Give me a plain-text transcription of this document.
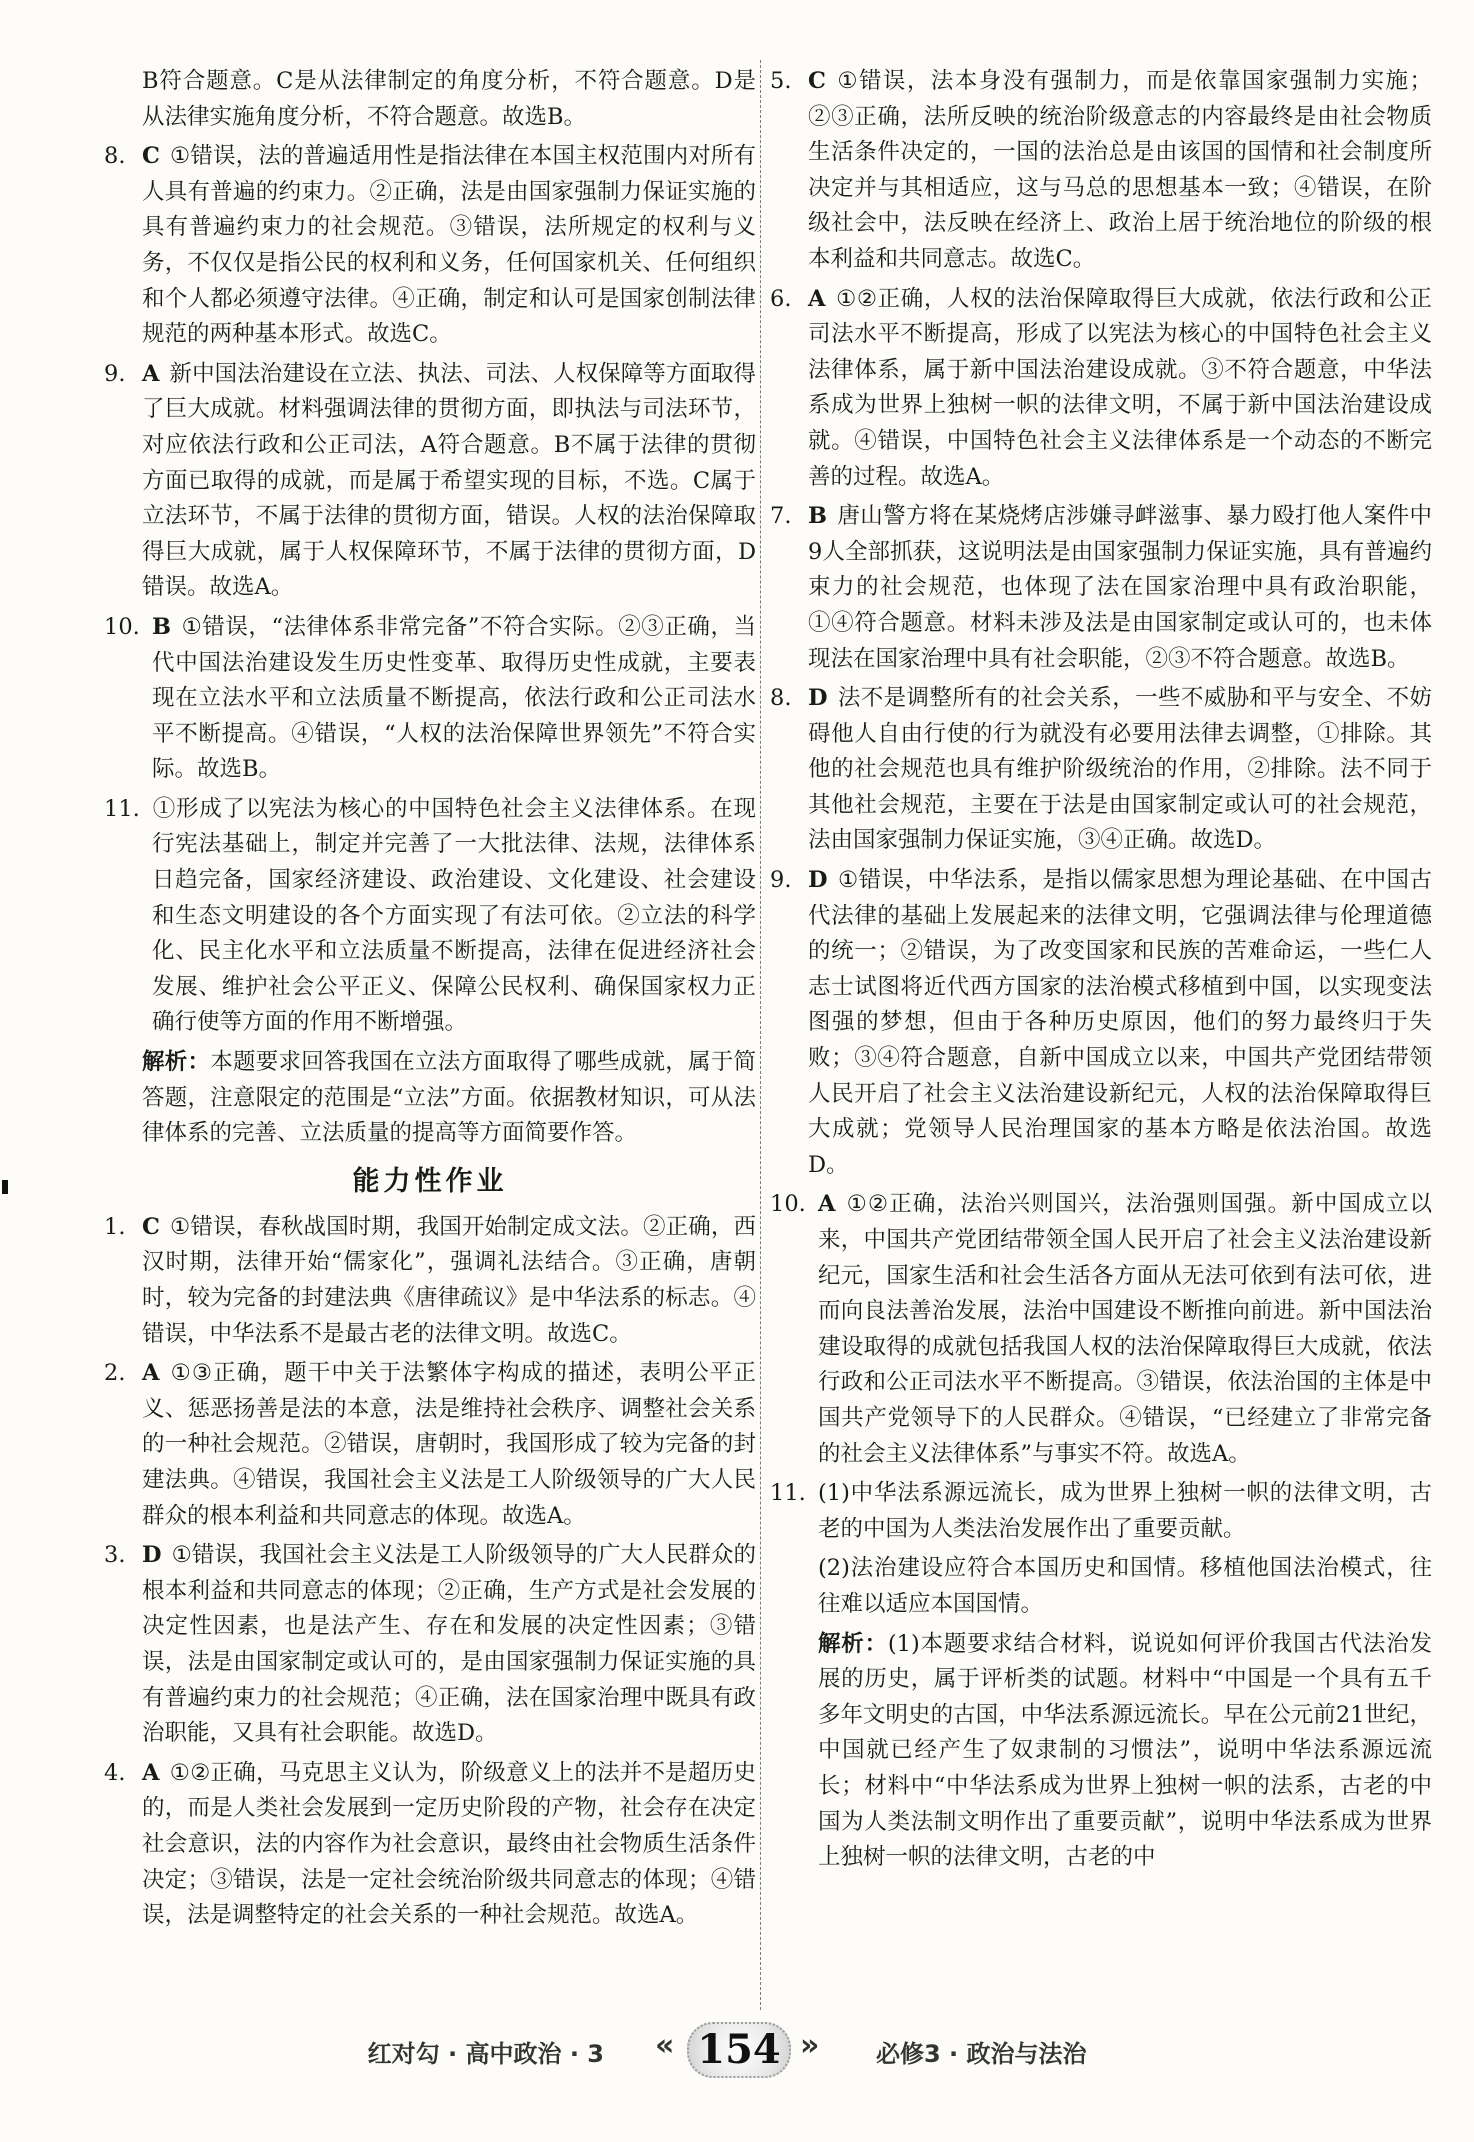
B符合题意。C是从法律制定的角度分析，不符合题意。D是从法律实施角度分析，不符合题意。故选B。

8. C ①错误，法的普遍适用性是指法律在本国主权范围内对所有人具有普遍的约束力。②正确，法是由国家强制力保证实施的具有普遍约束力的社会规范。③错误，法所规定的权利与义务，不仅仅是指公民的权利和义务，任何国家机关、任何组织和个人都必须遵守法律。④正确，制定和认可是国家创制法律规范的两种基本形式。故选C。

9. A 新中国法治建设在立法、执法、司法、人权保障等方面取得了巨大成就。材料强调法律的贯彻方面，即执法与司法环节，对应依法行政和公正司法，A符合题意。B不属于法律的贯彻方面已取得的成就，而是属于希望实现的目标，不选。C属于立法环节，不属于法律的贯彻方面，错误。人权的法治保障取得巨大成就，属于人权保障环节，不属于法律的贯彻方面，D错误。故选A。

10. B ①错误，“法律体系非常完备”不符合实际。②③正确，当代中国法治建设发生历史性变革、取得历史性成就，主要表现在立法水平和立法质量不断提高，依法行政和公正司法水平不断提高。④错误，“人权的法治保障世界领先”不符合实际。故选B。

11. ①形成了以宪法为核心的中国特色社会主义法律体系。在现行宪法基础上，制定并完善了一大批法律、法规，法律体系日趋完备，国家经济建设、政治建设、文化建设、社会建设和生态文明建设的各个方面实现了有法可依。②立法的科学化、民主化水平和立法质量不断提高，法律在促进经济社会发展、维护社会公平正义、保障公民权利、确保国家权力正确行使等方面的作用不断增强。

解析：本题要求回答我国在立法方面取得了哪些成就，属于简答题，注意限定的范围是“立法”方面。依据教材知识，可从法律体系的完善、立法质量的提高等方面简要作答。

能力性作业

1. C ①错误，春秋战国时期，我国开始制定成文法。②正确，西汉时期，法律开始“儒家化”，强调礼法结合。③正确，唐朝时，较为完备的封建法典《唐律疏议》是中华法系的标志。④错误，中华法系不是最古老的法律文明。故选C。

2. A ①③正确，题干中关于法繁体字构成的描述，表明公平正义、惩恶扬善是法的本意，法是维持社会秩序、调整社会关系的一种社会规范。②错误，唐朝时，我国形成了较为完备的封建法典。④错误，我国社会主义法是工人阶级领导的广大人民群众的根本利益和共同意志的体现。故选A。

3. D ①错误，我国社会主义法是工人阶级领导的广大人民群众的根本利益和共同意志的体现；②正确，生产方式是社会发展的决定性因素，也是法产生、存在和发展的决定性因素；③错误，法是由国家制定或认可的，是由国家强制力保证实施的具有普遍约束力的社会规范；④正确，法在国家治理中既具有政治职能，又具有社会职能。故选D。

4. A ①②正确，马克思主义认为，阶级意义上的法并不是超历史的，而是人类社会发展到一定历史阶段的产物，社会存在决定社会意识，法的内容作为社会意识，最终由社会物质生活条件决定；③错误，法是一定社会统治阶级共同意志的体现；④错误，法是调整特定的社会关系的一种社会规范。故选A。

5. C ①错误，法本身没有强制力，而是依靠国家强制力实施；②③正确，法所反映的统治阶级意志的内容最终是由社会物质生活条件决定的，一国的法治总是由该国的国情和社会制度所决定并与其相适应，这与马总的思想基本一致；④错误，在阶级社会中，法反映在经济上、政治上居于统治地位的阶级的根本利益和共同意志。故选C。

6. A ①②正确，人权的法治保障取得巨大成就，依法行政和公正司法水平不断提高，形成了以宪法为核心的中国特色社会主义法律体系，属于新中国法治建设成就。③不符合题意，中华法系成为世界上独树一帜的法律文明，不属于新中国法治建设成就。④错误，中国特色社会主义法律体系是一个动态的不断完善的过程。故选A。

7. B 唐山警方将在某烧烤店涉嫌寻衅滋事、暴力殴打他人案件中9人全部抓获，这说明法是由国家强制力保证实施，具有普遍约束力的社会规范，也体现了法在国家治理中具有政治职能，①④符合题意。材料未涉及法是由国家制定或认可的，也未体现法在国家治理中具有社会职能，②③不符合题意。故选B。

8. D 法不是调整所有的社会关系，一些不威胁和平与安全、不妨碍他人自由行使的行为就没有必要用法律去调整，①排除。其他的社会规范也具有维护阶级统治的作用，②排除。法不同于其他社会规范，主要在于法是由国家制定或认可的社会规范，法由国家强制力保证实施，③④正确。故选D。

9. D ①错误，中华法系，是指以儒家思想为理论基础、在中国古代法律的基础上发展起来的法律文明，它强调法律与伦理道德的统一；②错误，为了改变国家和民族的苦难命运，一些仁人志士试图将近代西方国家的法治模式移植到中国，以实现变法图强的梦想，但由于各种历史原因，他们的努力最终归于失败；③④符合题意，自新中国成立以来，中国共产党团结带领人民开启了社会主义法治建设新纪元，人权的法治保障取得巨大成就；党领导人民治理国家的基本方略是依法治国。故选D。

10. A ①②正确，法治兴则国兴，法治强则国强。新中国成立以来，中国共产党团结带领全国人民开启了社会主义法治建设新纪元，国家生活和社会生活各方面从无法可依到有法可依，进而向良法善治发展，法治中国建设不断推向前进。新中国法治建设取得的成就包括我国人权的法治保障取得巨大成就，依法行政和公正司法水平不断提高。③错误，依法治国的主体是中国共产党领导下的人民群众。④错误，“已经建立了非常完备的社会主义法律体系”与事实不符。故选A。

11. (1)中华法系源远流长，成为世界上独树一帜的法律文明，古老的中国为人类法治发展作出了重要贡献。

(2)法治建设应符合本国历史和国情。移植他国法治模式，往往难以适应本国国情。

解析：(1)本题要求结合材料，说说如何评价我国古代法治发展的历史，属于评析类的试题。材料中“中国是一个具有五千多年文明史的古国，中华法系源远流长。早在公元前21世纪，中国就已经产生了奴隶制的习惯法”，说明中华法系源远流长；材料中“中华法系成为世界上独树一帜的法系，古老的中国为人类法制文明作出了重要贡献”，说明中华法系成为世界上独树一帜的法律文明，古老的中

红对勾 · 高中政治 · 3 « 154 » 必修3 · 政治与法治
